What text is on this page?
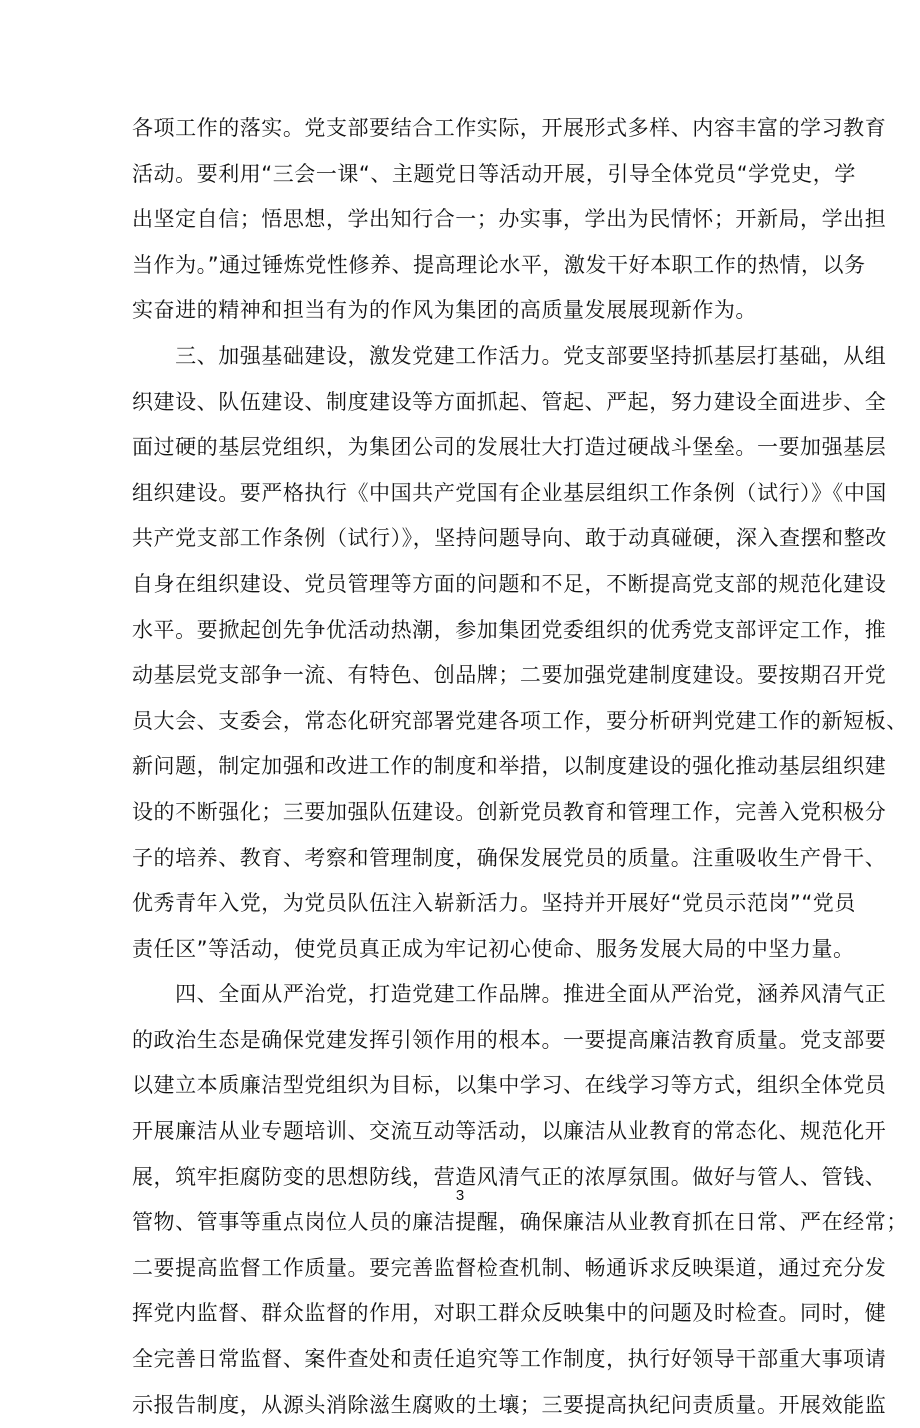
各项工作的落实。党支部要结合工作实际，开展形式多样、内容丰富的学习教育
活动。要利用“三会一课“、主题党日等活动开展，引导全体党员“学党史，学
出坚定自信；悟思想，学出知行合一；办实事，学出为民情怀；开新局，学出担
当作为。”通过锤炼党性修养、提高理论水平，激发干好本职工作的热情，以务
实奋进的精神和担当有为的作风为集团的高质量发展展现新作为。
　　三、加强基础建设，激发党建工作活力。党支部要坚持抓基层打基础，从组
织建设、队伍建设、制度建设等方面抓起、管起、严起，努力建设全面进步、全
面过硬的基层党组织，为集团公司的发展壮大打造过硬战斗堡垒。一要加强基层
组织建设。要严格执行《中国共产党国有企业基层组织工作条例（试行）》《中国
共产党支部工作条例（试行）》，坚持问题导向、敢于动真碰硬，深入查摆和整改
自身在组织建设、党员管理等方面的问题和不足，不断提高党支部的规范化建设
水平。要掀起创先争优活动热潮，参加集团党委组织的优秀党支部评定工作，推
动基层党支部争一流、有特色、创品牌；二要加强党建制度建设。要按期召开党
员大会、支委会，常态化研究部署党建各项工作，要分析研判党建工作的新短板、
新问题，制定加强和改进工作的制度和举措，以制度建设的强化推动基层组织建
设的不断强化；三要加强队伍建设。创新党员教育和管理工作，完善入党积极分
子的培养、教育、考察和管理制度，确保发展党员的质量。注重吸收生产骨干、
优秀青年入党，为党员队伍注入崭新活力。坚持并开展好“党员示范岗”“党员
责任区”等活动，使党员真正成为牢记初心使命、服务发展大局的中坚力量。
　　四、全面从严治党，打造党建工作品牌。推进全面从严治党，涵养风清气正
的政治生态是确保党建发挥引领作用的根本。一要提高廉洁教育质量。党支部要
以建立本质廉洁型党组织为目标，以集中学习、在线学习等方式，组织全体党员
开展廉洁从业专题培训、交流互动等活动，以廉洁从业教育的常态化、规范化开
展，筑牢拒腐防变的思想防线，营造风清气正的浓厚氛围。做好与管人、管钱、
管物、管事等重点岗位人员的廉洁提醒，确保廉洁从业教育抓在日常、严在经常；
二要提高监督工作质量。要完善监督检查机制、畅通诉求反映渠道，通过充分发
挥党内监督、群众监督的作用，对职工群众反映集中的问题及时检查。同时，健
全完善日常监督、案件查处和责任追究等工作制度，执行好领导干部重大事项请
示报告制度，从源头消除滋生腐败的土壤；三要提高执纪问责质量。开展效能监
3
